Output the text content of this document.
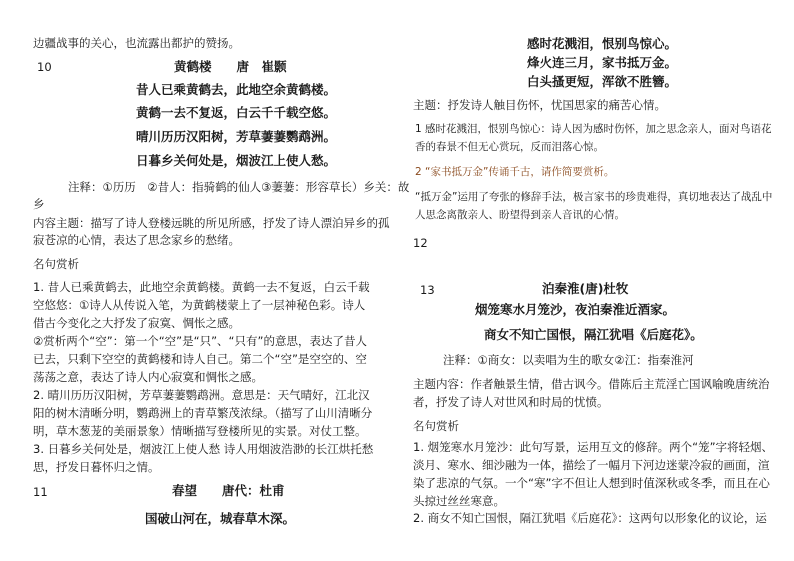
边疆战事的关心，也流露出都护的赞扬。
10	黄鹤楼　　唐　崔颢
昔人已乘黄鹤去，此地空余黄鹤楼。
黄鹤一去不复返，白云千千载空悠。
晴川历历汉阳树，芳草萋萋鹦鹉洲。
日暮乡关何处是，烟波江上使人愁。
注释：①历历　②昔人：指骑鹤的仙人③萋萋：形容草长）乡关：故
乡
内容主题：描写了诗人登楼远眺的所见所感，抒发了诗人漂泊异乡的孤
寂苍凉的心情，表达了思念家乡的愁绪。
名句赏析
1. 昔人已乘黄鹤去，此地空余黄鹤楼。黄鹤一去不复返，白云千载空悠悠：①诗人从传说入笔，为黄鹤楼蒙上了一层神秘色彩。诗人借古今变化之大抒发了寂寞、惆怅之感。
②赏析两个“空”：第一个“空”是“只”、“只有”的意思，表达了昔人已去，只剩下空空的黄鹤楼和诗人自己。第二个“空”是空空的、空荡荡之意，表达了诗人内心寂寞和惆怅之感。
2. 晴川历历汉阳树，芳草萋萋鹦鹉洲。意思是：天气晴好，江北汉阳的树木清晰分明，鹦鹉洲上的青草繁茂浓绿。（描写了山川清晰分明，草木葱茏的美丽景象）情晰描写登楼所见的实景。对仗工整。
3. 日暮乡关何处是，烟波江上使人愁 诗人用烟波浩渺的长江烘托愁思，抒发日暮怀归之情。
11	春望　　唐代：杜甫
国破山河在，城春草木深。
感时花溅泪，恨别鸟惊心。
烽火连三月，家书抵万金。
白头搔更短，浑欲不胜簪。
主题：抒发诗人触目伤怀，忧国思家的痛苦心情。
1 感时花溅泪，恨别鸟惊心：诗人因为感时伤怀，加之思念亲人，面对鸟语花香的春景不但无心赏玩，反而泪落心惊。
2 “家书抵万金”传诵千古，请作简要赏析。
“抵万金”运用了夸张的修辞手法，极言家书的珍贵难得，真切地表达了战乱中人思念离散亲人、盼望得到亲人音讯的心情。
12
13	泊秦淮(唐)杜牧
烟笼寒水月笼沙，夜泊秦淮近酒家。
商女不知亡国恨，隔江犹唱《后庭花》。
注释：①商女：以卖唱为生的歌女②江：指秦淮河
主题内容：作者触景生情，借古讽今。借陈后主荒淫亡国讽喻晚唐统治者，抒发了诗人对世风和时局的忧愤。
名句赏析
1. 烟笼寒水月笼沙：此句写景，运用互文的修辞。两个“笼”字将轻烟、淡月、寒水、细沙融为一体，描绘了一幅月下河边迷蒙冷寂的画面，渲染了悲凉的气氛。一个“寒”字不但让人想到时值深秋或冬季，而且在心头掠过丝丝寒意。
2. 商女不知亡国恨，隔江犹唱《后庭花》：这两句以形象化的议论，运
